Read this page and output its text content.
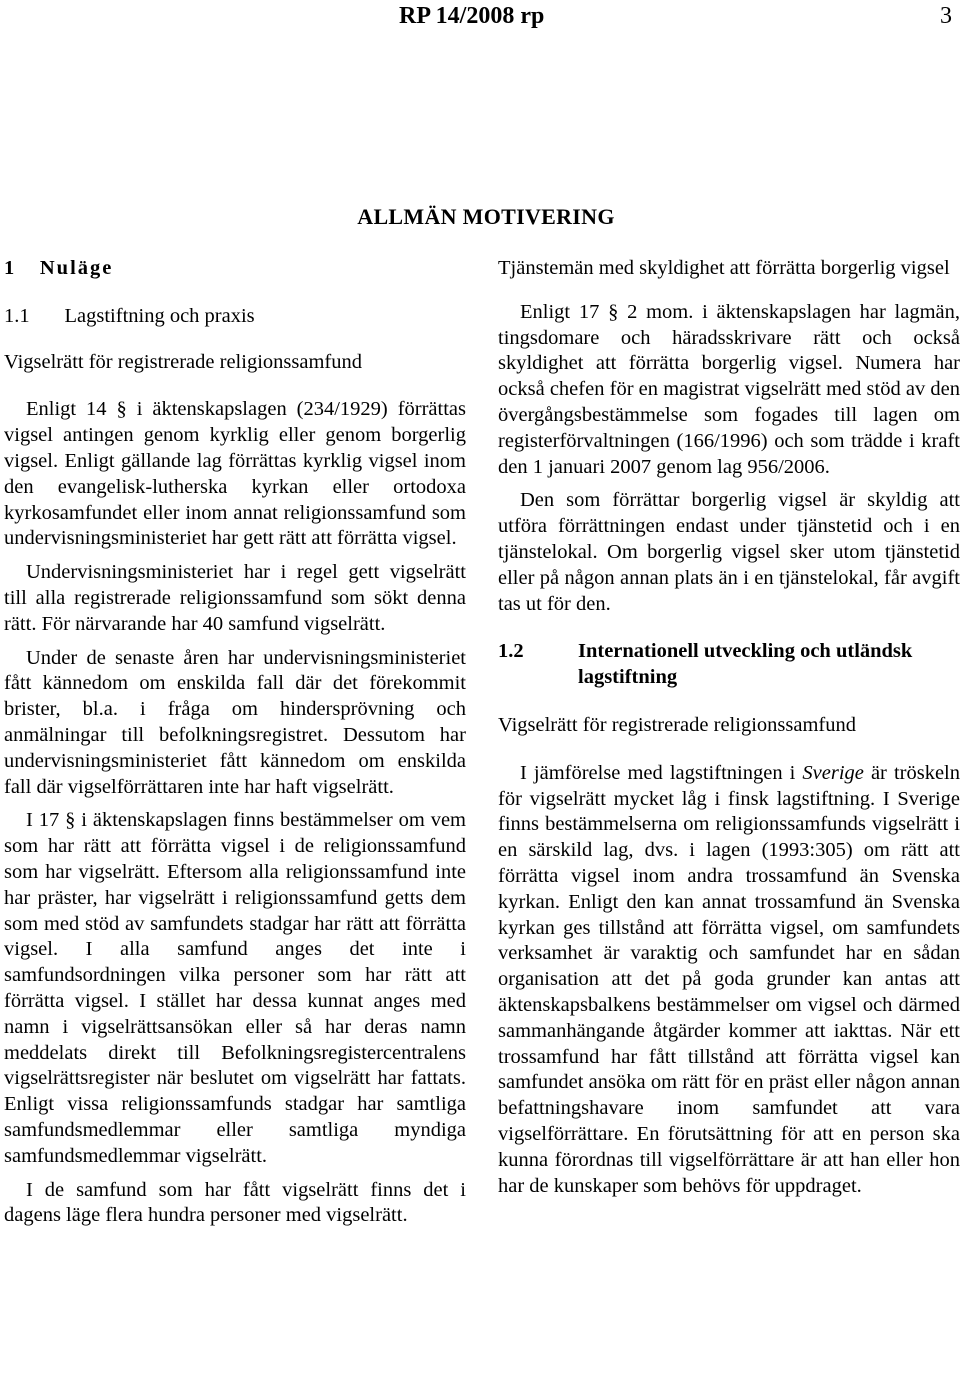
RP 14/2008 rp	3
ALLMÄN MOTIVERING
1 Nuläge
1.1 Lagstiftning och praxis
Vigselrätt för registrerade religionssamfund

Enligt 14 § i äktenskapslagen (234/1929) förrättas vigsel antingen genom kyrklig eller genom borgerlig vigsel. Enligt gällande lag förrättas kyrklig vigsel inom den evangelisk-lutherska kyrkan eller ortodoxa kyrkosamfundet eller inom annat religionssamfund som undervisningsministeriet har gett rätt att förrätta vigsel.

Undervisningsministeriet har i regel gett vigselrätt till alla registrerade religionssamfund som sökt denna rätt. För närvarande har 40 samfund vigselrätt.

Under de senaste åren har undervisningsministeriet fått kännedom om enskilda fall där det förekommit brister, bl.a. i fråga om hindersprövning och anmälningar till befolkningsregistret. Dessutom har undervisningsministeriet fått kännedom om enskilda fall där vigselförrättaren inte har haft vigselrätt.

I 17 § i äktenskapslagen finns bestämmelser om vem som har rätt att förrätta vigsel i de religionssamfund som har vigselrätt. Eftersom alla religionssamfund inte har präster, har vigselrätt i religionssamfund getts dem som med stöd av samfundets stadgar har rätt att förrätta vigsel. I alla samfund anges det inte i samfundsordningen vilka personer som har rätt att förrätta vigsel. I stället har dessa kunnat anges med namn i vigselrättsansökan eller så har deras namn meddelats direkt till Befolkningsregistercentralens vigselrättsregister när beslutet om vigselrätt har fattats. Enligt vissa religionssamfunds stadgar har samtliga samfundsmedlemmar eller samtliga myndiga samfundsmedlemmar vigselrätt.

I de samfund som har fått vigselrätt finns det i dagens läge flera hundra personer med vigselrätt.

Tjänstemän med skyldighet att förrätta borgerlig vigsel

Enligt 17 § 2 mom. i äktenskapslagen har lagmän, tingsdomare och häradsskrivare rätt och också skyldighet att förrätta borgerlig vigsel. Numera har också chefen för en magistrat vigselrätt med stöd av den övergångsbestämmelse som fogades till lagen om registerförvaltningen (166/1996) och som trädde i kraft den 1 januari 2007 genom lag 956/2006.

Den som förrättar borgerlig vigsel är skyldig att utföra förrättningen endast under tjänstetid och i en tjänstelokal. Om borgerlig vigsel sker utom tjänstetid eller på någon annan plats än i en tjänstelokal, får avgift tas ut för den.

1.2	Internationell utveckling och utländsk lagstiftning
Vigselrätt för registrerade religionssamfund

I jämförelse med lagstiftningen i Sverige är tröskeln för vigselrätt mycket låg i finsk lagstiftning. I Sverige finns bestämmelserna om religionssamfunds vigselrätt i en särskild lag, dvs. i lagen (1993:305) om rätt att förrätta vigsel inom andra trossamfund än Svenska kyrkan. Enligt den kan annat trossamfund än Svenska kyrkan ges tillstånd att förrätta vigsel, om samfundets verksamhet är varaktig och samfundet har en sådan organisation att det på goda grunder kan antas att äktenskapsbalkens bestämmelser om vigsel och därmed sammanhängande åtgärder kommer att iakttas. När ett trossamfund har fått tillstånd att förrätta vigsel kan samfundet ansöka om rätt för en präst eller någon annan befattningshavare inom samfundet att vara vigselförrättare. En förutsättning för att en person ska kunna förordnas till vigselförrättare är att han eller hon har de kunskaper som behövs för uppdraget.
